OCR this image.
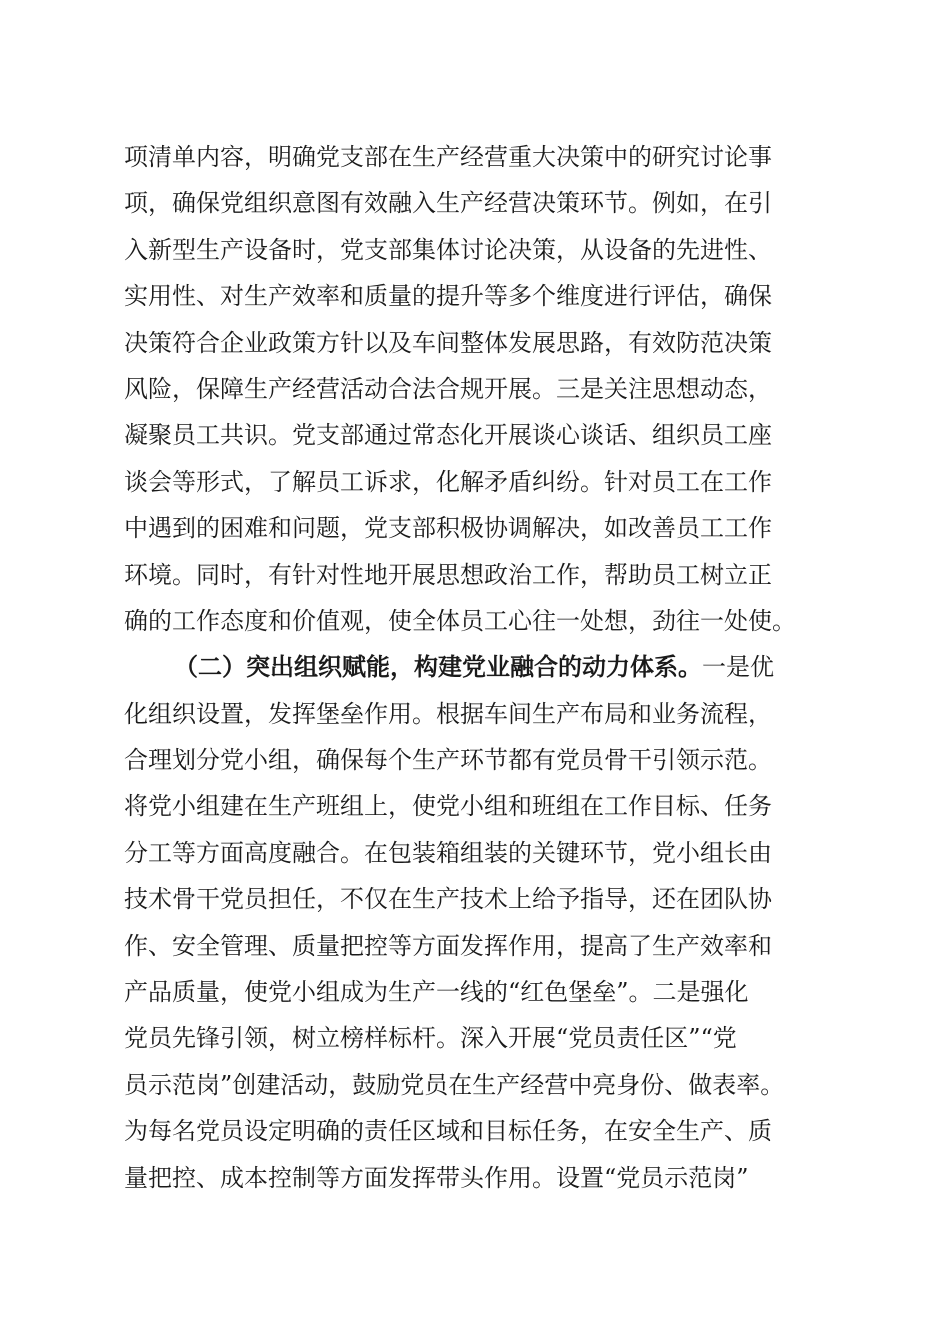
项清单内容，明确党支部在生产经营重大决策中的研究讨论事
项，确保党组织意图有效融入生产经营决策环节。例如，在引
入新型生产设备时，党支部集体讨论决策，从设备的先进性、
实用性、对生产效率和质量的提升等多个维度进行评估，确保
决策符合企业政策方针以及车间整体发展思路，有效防范决策
风险，保障生产经营活动合法合规开展。三是关注思想动态，
凝聚员工共识。党支部通过常态化开展谈心谈话、组织员工座
谈会等形式，了解员工诉求，化解矛盾纠纷。针对员工在工作
中遇到的困难和问题，党支部积极协调解决，如改善员工工作
环境。同时，有针对性地开展思想政治工作，帮助员工树立正
确的工作态度和价值观，使全体员工心往一处想，劲往一处使。
（二）突出组织赋能，构建党业融合的动力体系。一是优
化组织设置，发挥堡垒作用。根据车间生产布局和业务流程，
合理划分党小组，确保每个生产环节都有党员骨干引领示范。
将党小组建在生产班组上，使党小组和班组在工作目标、任务
分工等方面高度融合。在包装箱组装的关键环节，党小组长由
技术骨干党员担任，不仅在生产技术上给予指导，还在团队协
作、安全管理、质量把控等方面发挥作用，提高了生产效率和
产品质量，使党小组成为生产一线的“红色堡垒”。二是强化
党员先锋引领，树立榜样标杆。深入开展“党员责任区”“党
员示范岗”创建活动，鼓励党员在生产经营中亮身份、做表率。
为每名党员设定明确的责任区域和目标任务，在安全生产、质
量把控、成本控制等方面发挥带头作用。设置“党员示范岗”
